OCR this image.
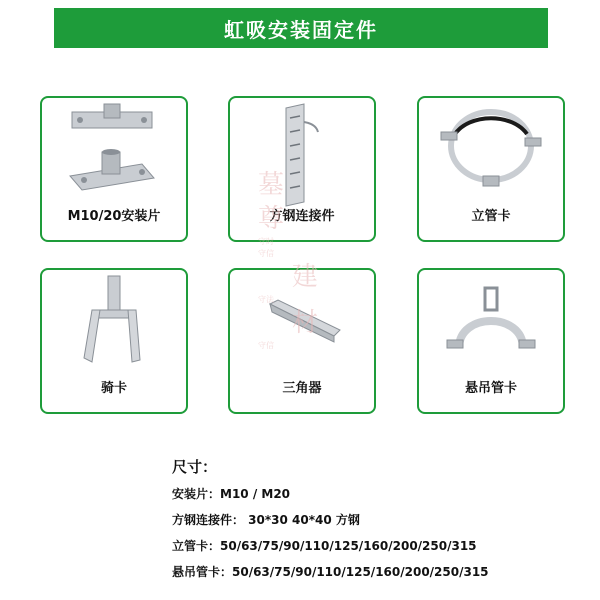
虹吸安装固定件
M10/20安装片	方钢连接件	立管卡
骑卡	三角器	悬吊管卡
墓
尊
守时
守信
建
守法
材
守信
尺寸：
安装片：M10 / M20
方钢连接件： 30*30 40*40 方钢
立管卡：50/63/75/90/110/125/160/200/250/315
悬吊管卡：50/63/75/90/110/125/160/200/250/315
